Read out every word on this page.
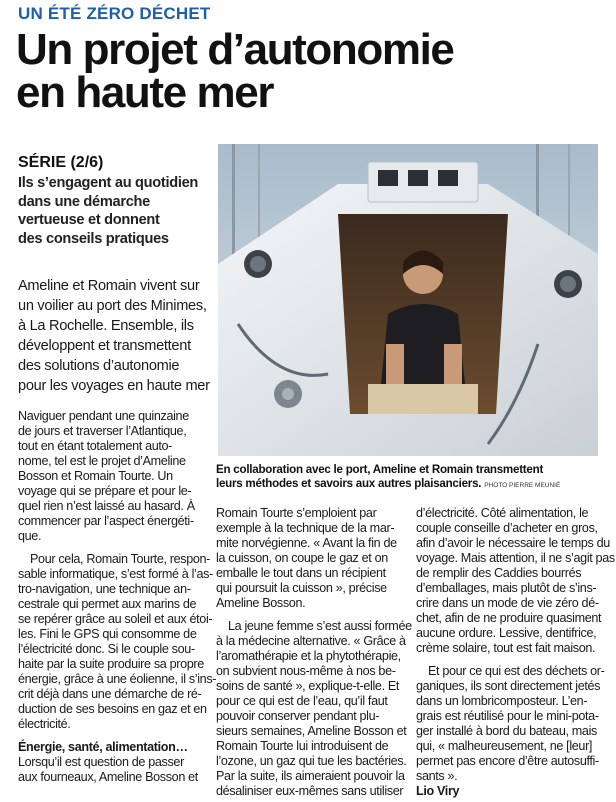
UN ÉTÉ ZÉRO DÉCHET
Un projet d’autonomie
en haute mer
SÉRIE (2/6)
Ils s’engagent au quotidien
dans une démarche
vertueuse et donnent
des conseils pratiques
Ameline et Romain vivent sur
un voilier au port des Minimes,
à La Rochelle. Ensemble, ils
développent et transmettent
des solutions d’autonomie
pour les voyages en haute mer
En collaboration avec le port, Ameline et Romain transmettent
leurs méthodes et savoirs aux autres plaisanciers. PHOTO PIERRE MEUNIÉ
Naviguer pendant une quinzaine
de jours et traverser l’Atlantique,
tout en étant totalement auto-
nome, tel est le projet d’Ameline
Bosson et Romain Tourte. Un
voyage qui se prépare et pour le-
quel rien n’est laissé au hasard. À
commencer par l’aspect énergéti-
que.
Pour cela, Romain Tourte, respon-
sable informatique, s’est formé à l’as-
tro-navigation, une technique an-
cestrale qui permet aux marins de
se repérer grâce au soleil et aux étoi-
les. Fini le GPS qui consomme de
l’électricité donc. Si le couple sou-
haite par la suite produire sa propre
énergie, grâce à une éolienne, il s’ins-
crit déjà dans une démarche de ré-
duction de ses besoins en gaz et en
électricité.
Énergie, santé, alimentation…
Lorsqu’il est question de passer
aux fourneaux, Ameline Bosson et
Romain Tourte s’emploient par
exemple à la technique de la mar-
mite norvégienne. « Avant la fin de
la cuisson, on coupe le gaz et on
emballe le tout dans un récipient
qui poursuit la cuisson », précise
Ameline Bosson.
La jeune femme s’est aussi formée
à la médecine alternative. « Grâce à
l’aromathérapie et la phytothérapie,
on subvient nous-même à nos be-
soins de santé », explique-t-elle. Et
pour ce qui est de l’eau, qu’il faut
pouvoir conserver pendant plu-
sieurs semaines, Ameline Bosson et
Romain Tourte lui introduisent de
l’ozone, un gaz qui tue les bactéries.
Par la suite, ils aimeraient pouvoir la
désaliniser eux-mêmes sans utiliser
d’électricité. Côté alimentation, le
couple conseille d’acheter en gros,
afin d’avoir le nécessaire le temps du
voyage. Mais attention, il ne s’agit pas
de remplir des Caddies bourrés
d’emballages, mais plutôt de s’ins-
crire dans un mode de vie zéro dé-
chet, afin de ne produire quasiment
aucune ordure. Lessive, dentifrice,
crème solaire, tout est fait maison.
Et pour ce qui est des déchets or-
ganiques, ils sont directement jetés
dans un lombricomposteur. L’en-
grais est réutilisé pour le mini-pota-
ger installé à bord du bateau, mais
qui, « malheureusement, ne [leur]
permet pas encore d’être autosuffi-
sants ».
Lio Viry
